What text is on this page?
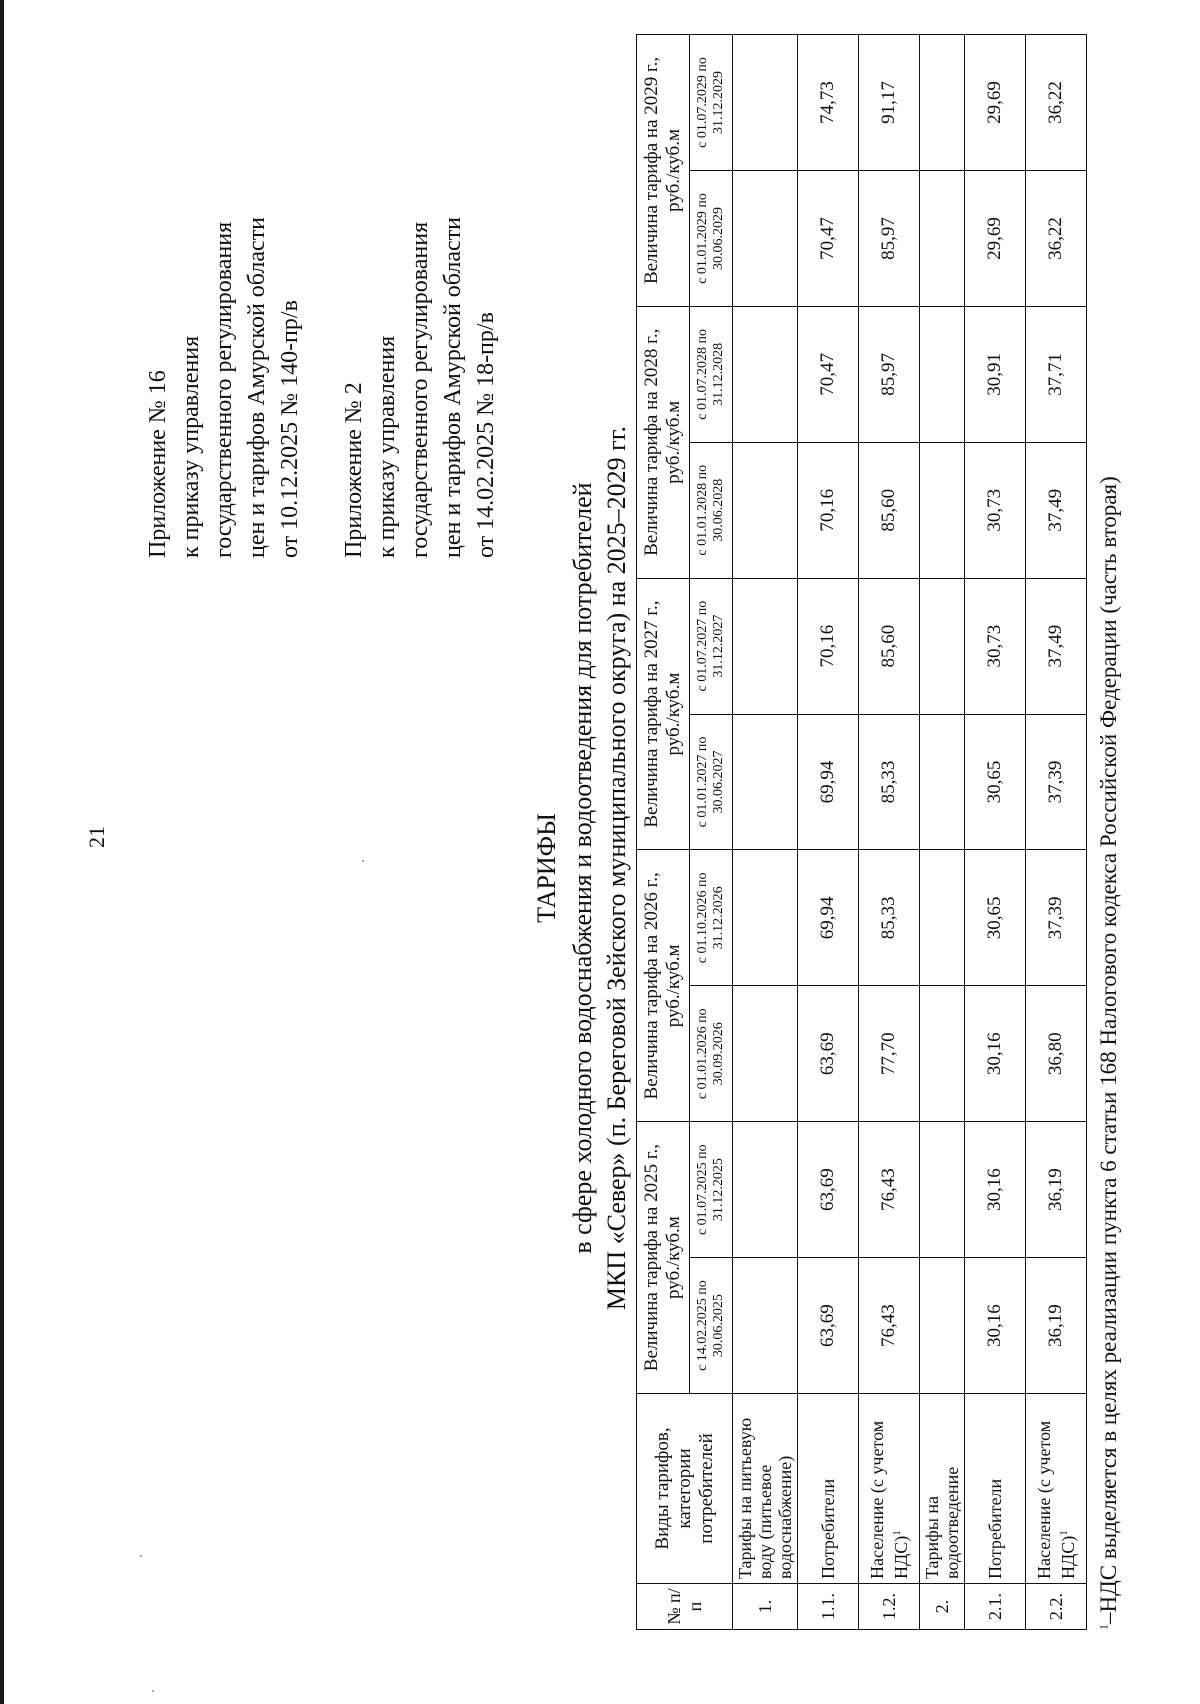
21
Приложение № 16 к приказу управления государственного регулирования цен и тарифов Амурской области от 10.12.2025 № 140-пр/в Приложение № 2 к приказу управления государственного регулирования цен и тарифов Амурской области от 14.02.2025 № 18-пр/в
ТАРИФЫ в сфере холодного водоснабжения и водоотведения для потребителей МКП «Север» (п. Береговой Зейского муниципального округа) на 2025–2029 гг.
№ п/п	Виды тарифов, категории потребителей	Величина тарифа на 2025 г., руб./куб.м		Величина тарифа на 2026 г., руб./куб.м		Величина тарифа на 2027 г., руб./куб.м		Величина тарифа на 2028 г., руб./куб.м		Величина тарифа на 2029 г., руб./куб.м	
		с 14.02.2025 по 30.06.2025	с 01.07.2025 по 31.12.2025	с 01.01.2026 по 30.09.2026	с 01.10.2026 по 31.12.2026	с 01.01.2027 по 30.06.2027	с 01.07.2027 по 31.12.2027	с 01.01.2028 по 30.06.2028	с 01.07.2028 по 31.12.2028	с 01.01.2029 по 30.06.2029	с 01.07.2029 по 31.12.2029
1.	Тарифы на питьевую воду (питьевое водоснабжение)										
1.1.	Потребители	63,69	63,69	63,69	69,94	69,94	70,16	70,16	70,47	70,47	74,73
1.2.	Население (с учетом НДС)$^1$	76,43	76,43	77,70	85,33	85,33	85,60	85,60	85,97	85,97	91,17
2.	Тарифы на водоотведение										
2.1.	Потребители	30,16	30,16	30,16	30,65	30,65	30,73	30,73	30,91	29,69	29,69
2.2.	Население (с учетом НДС)$^1$	36,19	36,19	36,80	37,39	37,39	37,49	37,49	37,71	36,22	36,22
$^1$–НДС выделяется в целях реализации пункта 6 статьи 168 Налогового кодекса Российской Федерации (часть вторая)
